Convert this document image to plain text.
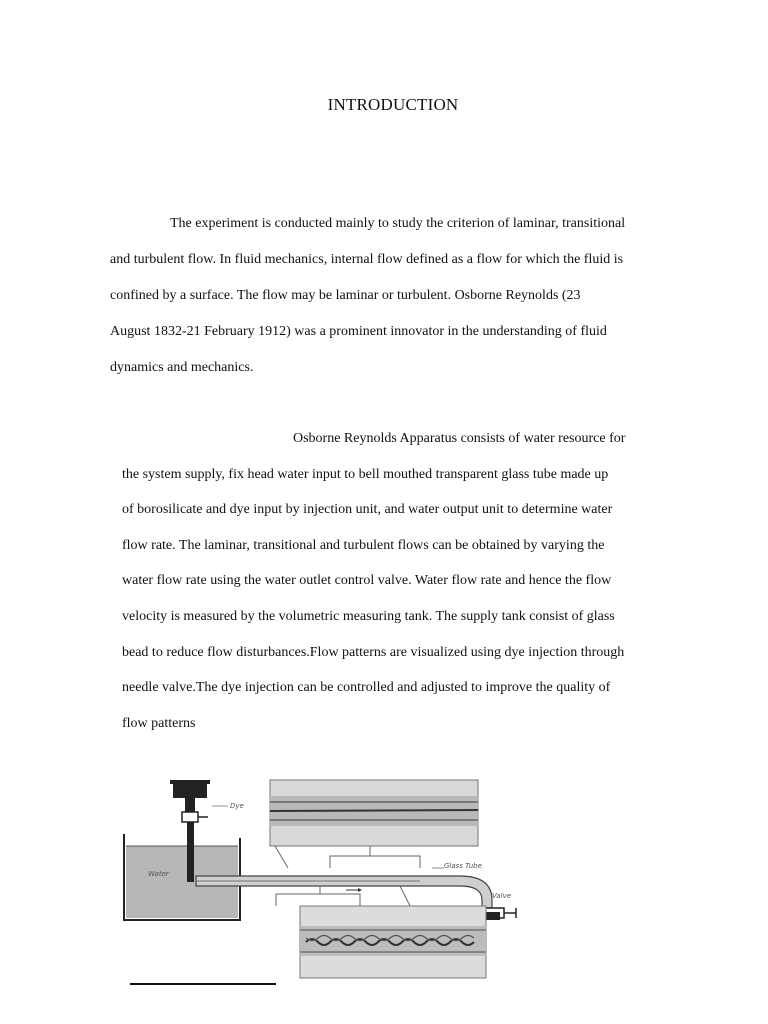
INTRODUCTION
The experiment is conducted mainly to study the criterion of laminar, transitional
and turbulent flow. In fluid mechanics, internal flow defined as a flow for which the fluid is
confined by a surface. The flow may be laminar or turbulent. Osborne Reynolds (23
August 1832-21 February 1912) was a prominent innovator in the understanding of fluid
dynamics and mechanics.
Osborne Reynolds Apparatus consists of water resource for
the system supply, fix head water input to bell mouthed transparent glass tube made up
of borosilicate and dye input by injection unit, and water output unit to determine water
flow rate. The laminar, transitional and turbulent flows can be obtained by varying the
water flow rate using the water outlet control valve. Water flow rate and hence the flow
velocity is measured by the volumetric measuring tank. The supply tank consist of glass
bead to reduce flow disturbances.Flow patterns are visualized using dye injection through
needle valve.The dye injection can be controlled and adjusted to improve the quality of
flow patterns
Water
Dye
Glass Tube
Valve
